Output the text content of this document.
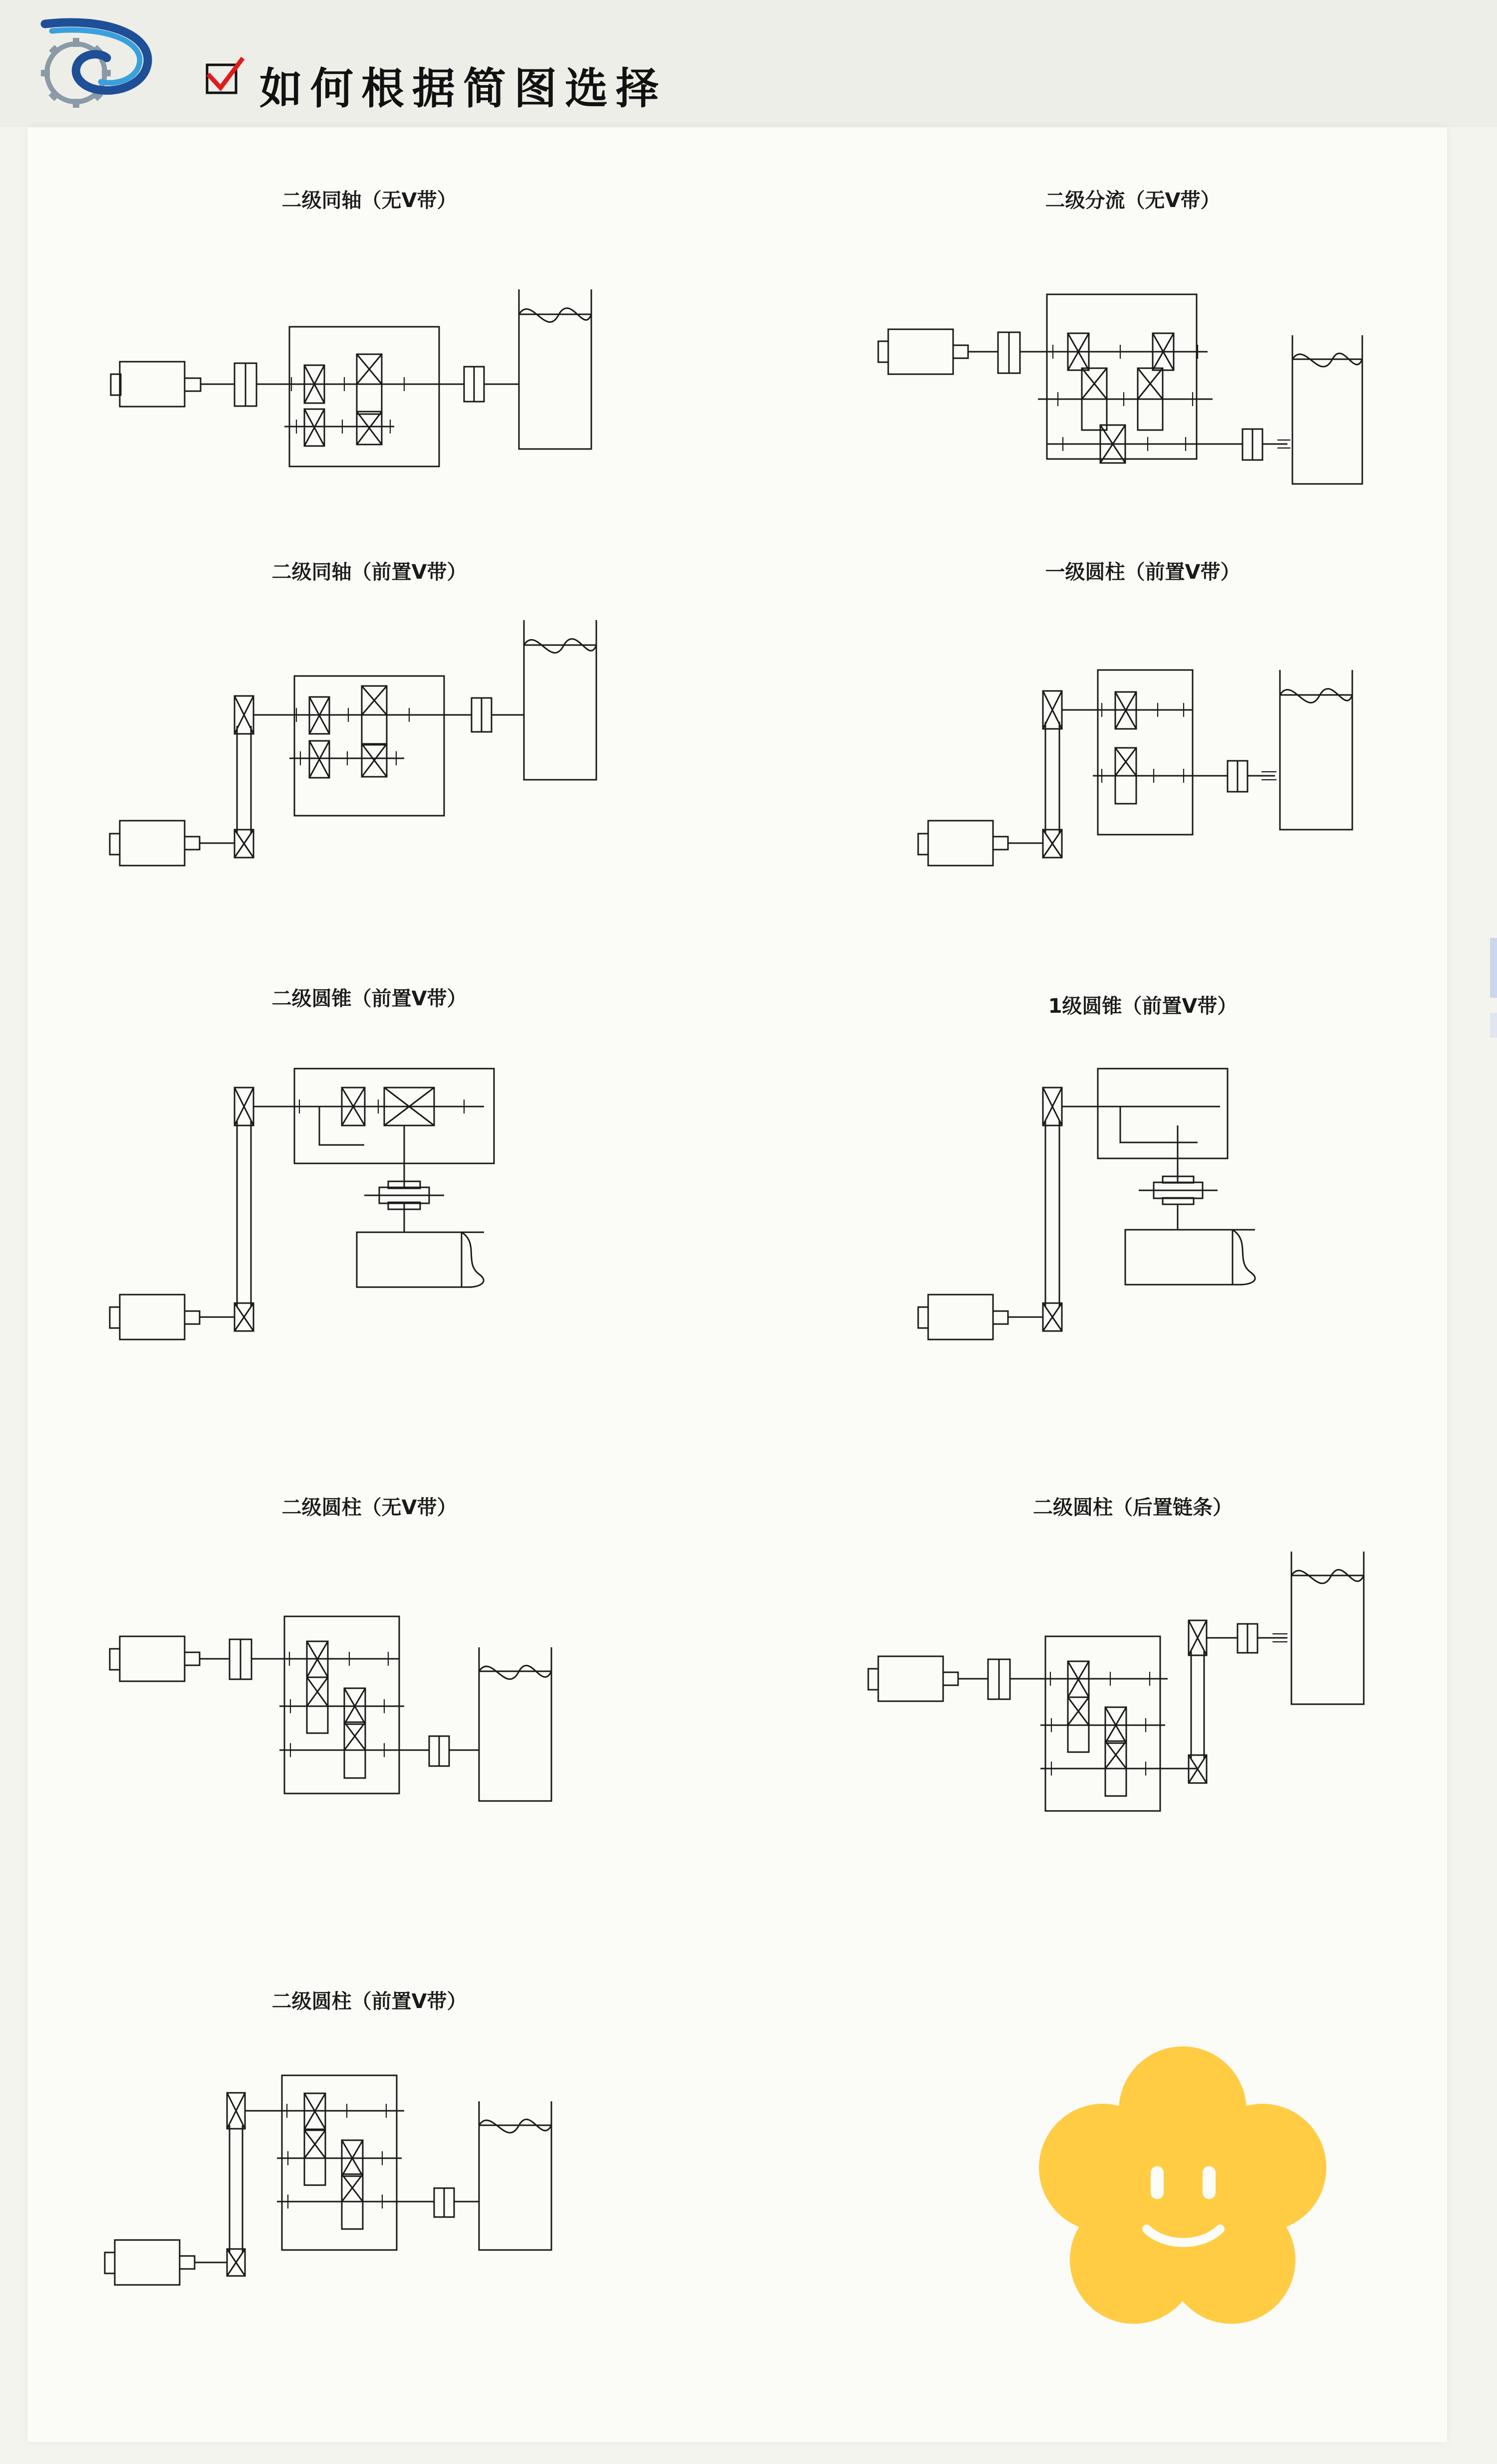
如何根据简图选择
二级同轴（无V带）	二级分流（无V带）
二级同轴（前置V带）	一级圆柱（前置V带）
二级圆锥（前置V带）	1级圆锥（前置V带）
二级圆柱（无V带）	二级圆柱（后置链条）
二级圆柱（前置V带）
